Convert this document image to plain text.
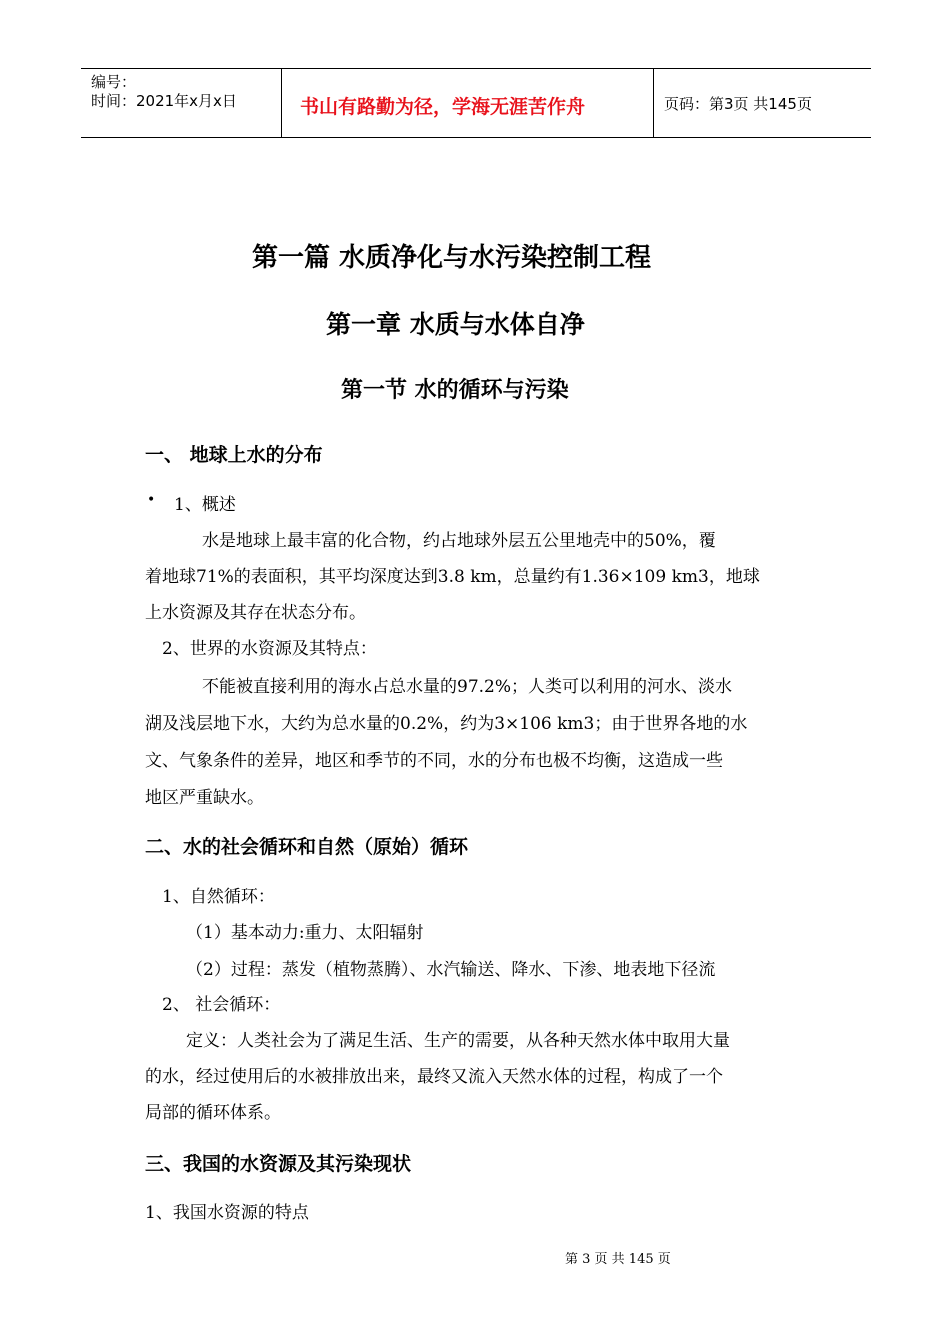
编号：
时间：2021年x月x日	书山有路勤为径，学海无涯苦作舟	页码：第3页 共145页
第一篇 水质净化与水污染控制工程
第一章 水质与水体自净
第一节 水的循环与污染
一、 地球上水的分布
• 1、概述
水是地球上最丰富的化合物，约占地球外层五公里地壳中的50%，覆
着地球71%的表面积，其平均深度达到3.8 km，总量约有1.36×109 km3，地球
上水资源及其存在状态分布。
2、世界的水资源及其特点：
不能被直接利用的海水占总水量的97.2%；人类可以利用的河水、淡水
湖及浅层地下水，大约为总水量的0.2%，约为3×106 km3；由于世界各地的水
文、气象条件的差异，地区和季节的不同，水的分布也极不均衡，这造成一些
地区严重缺水。
二、水的社会循环和自然（原始）循环
1、自然循环：
（1）基本动力:重力、太阳辐射
（2）过程：蒸发（植物蒸腾）、水汽输送、降水、下渗、地表地下径流
2、 社会循环：
定义：人类社会为了满足生活、生产的需要，从各种天然水体中取用大量
的水，经过使用后的水被排放出来，最终又流入天然水体的过程，构成了一个
局部的循环体系。
三、我国的水资源及其污染现状
1、我国水资源的特点
第 3 页 共 145 页
